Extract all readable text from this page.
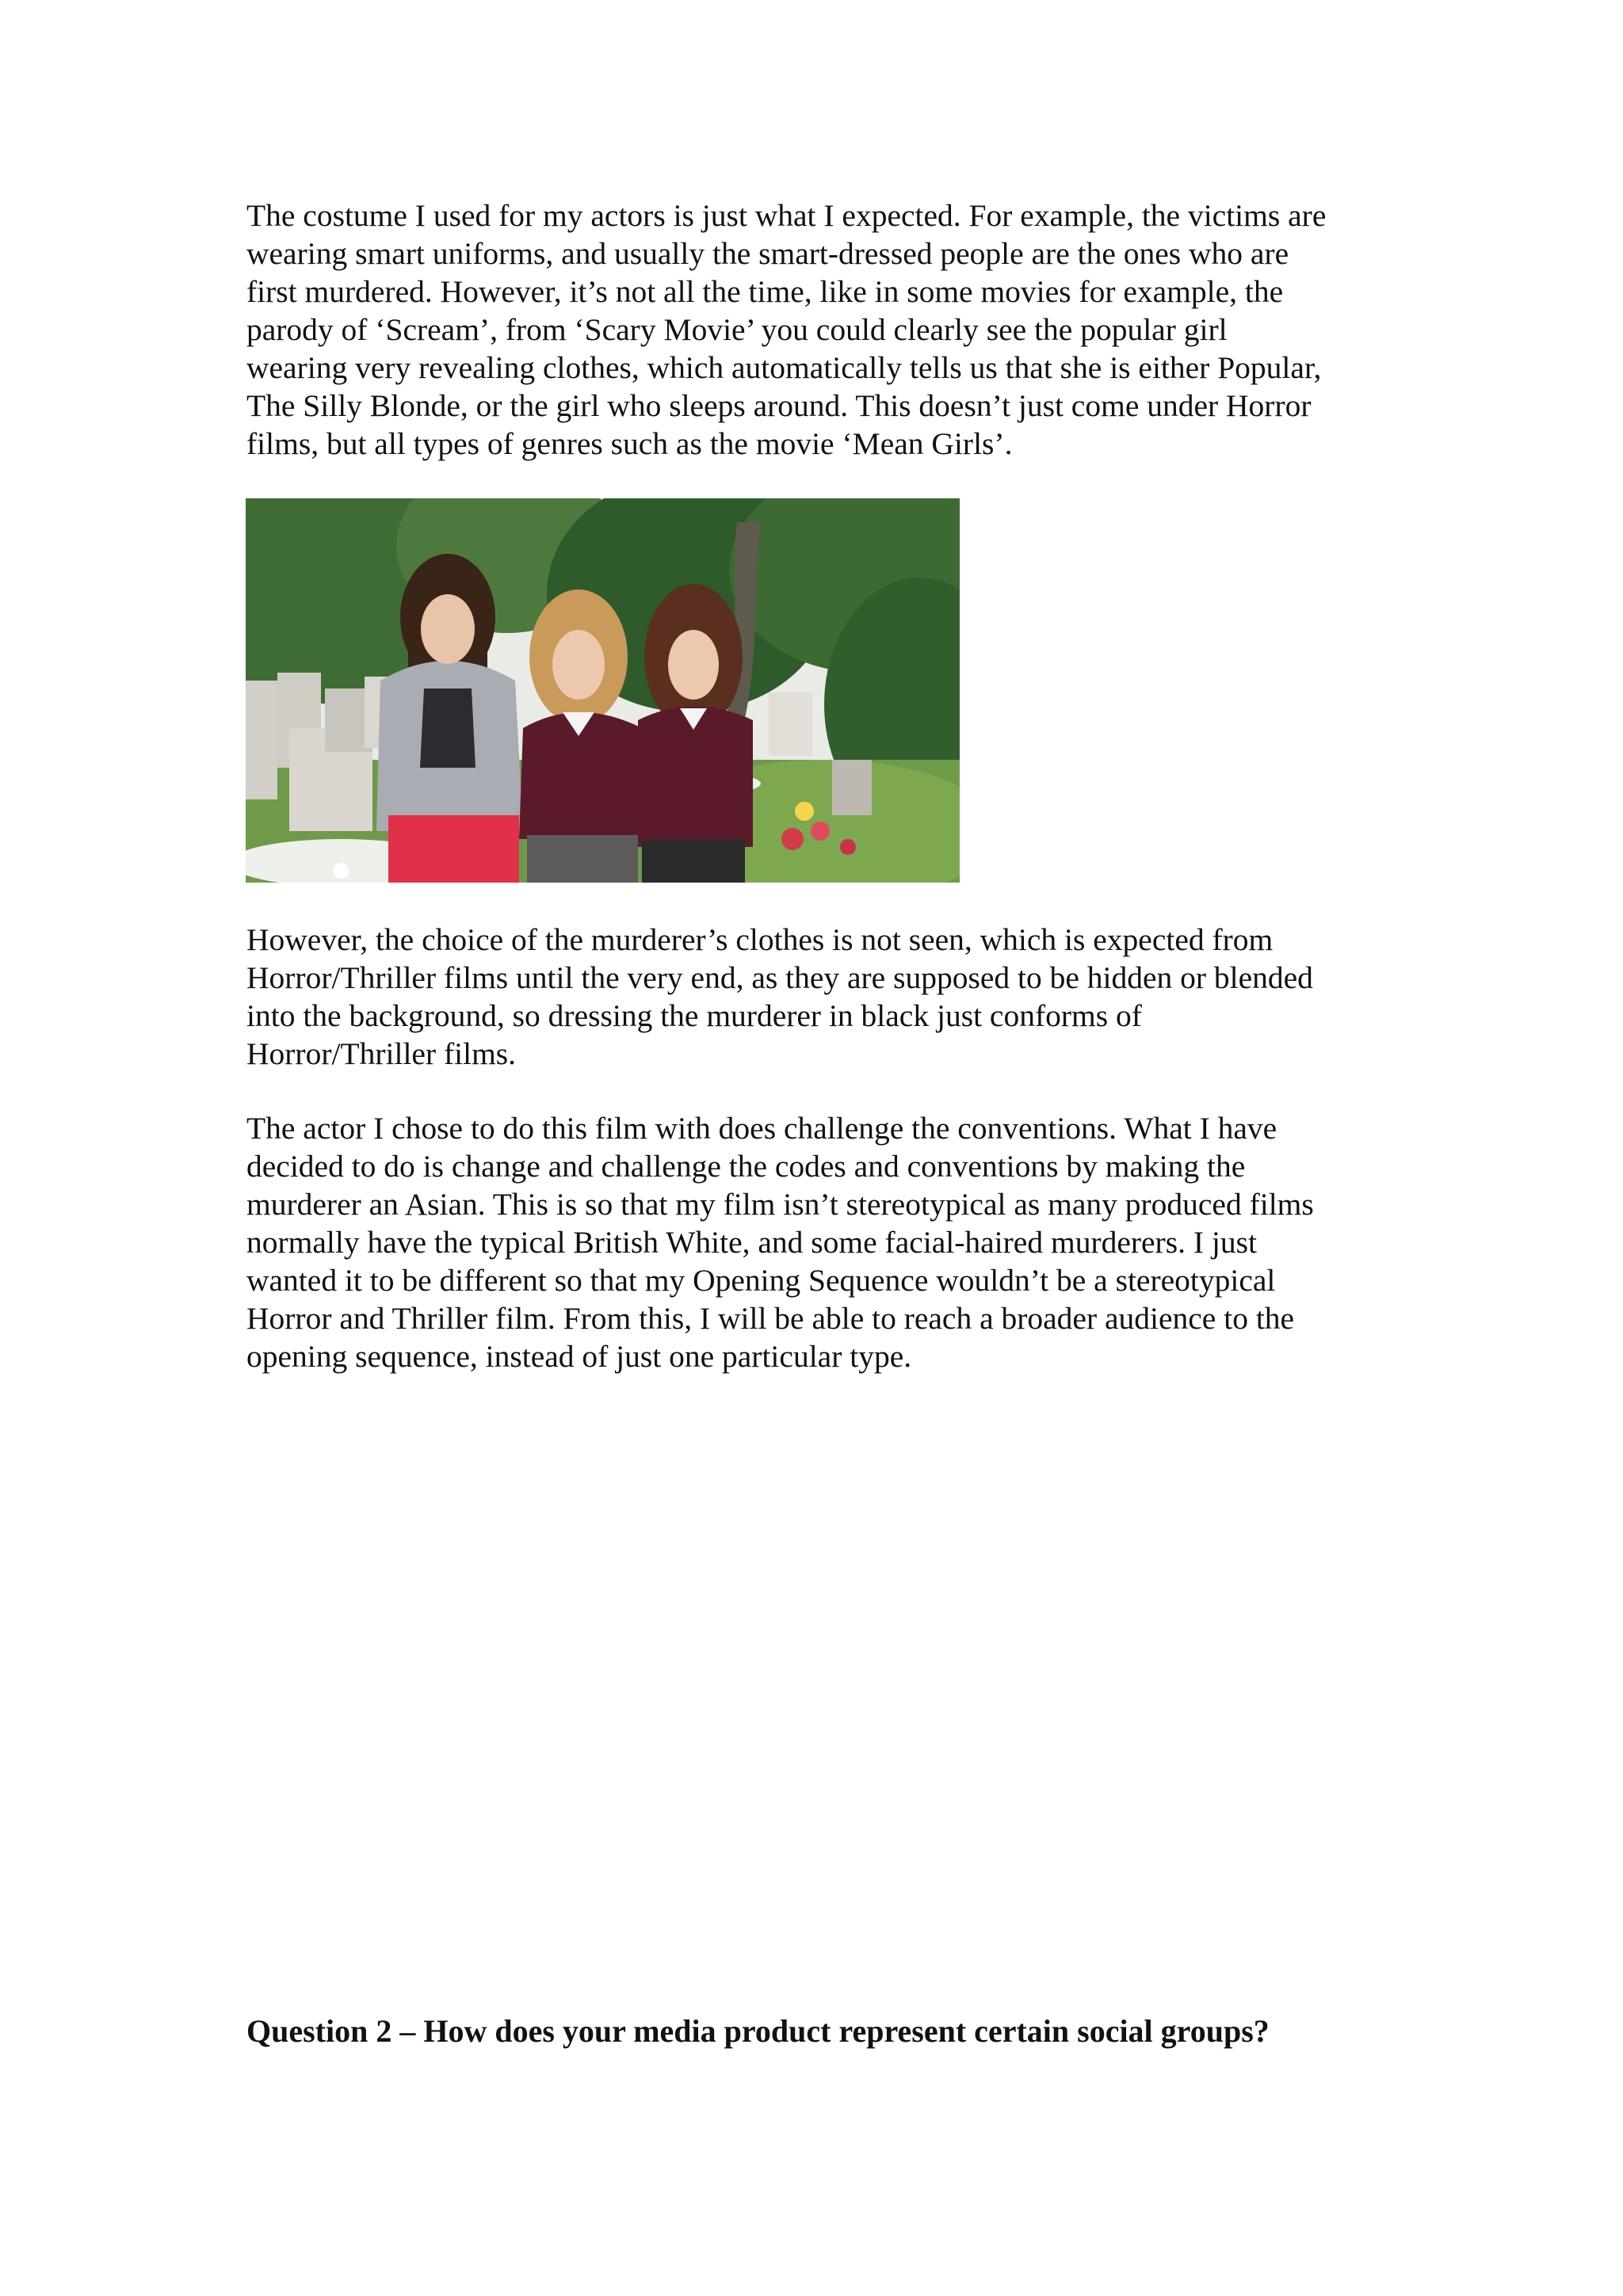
The costume I used for my actors is just what I expected. For example, the victims are
wearing smart uniforms, and usually the smart-dressed people are the ones who are
first murdered. However, it’s not all the time, like in some movies for example, the
parody of ‘Scream’, from ‘Scary Movie’ you could clearly see the popular girl
wearing very revealing clothes, which automatically tells us that she is either Popular,
The Silly Blonde, or the girl who sleeps around. This doesn’t just come under Horror
films, but all types of genres such as the movie ‘Mean Girls’.
However, the choice of the murderer’s clothes is not seen, which is expected from
Horror/Thriller films until the very end, as they are supposed to be hidden or blended
into the background, so dressing the murderer in black just conforms of
Horror/Thriller films.
The actor I chose to do this film with does challenge the conventions. What I have
decided to do is change and challenge the codes and conventions by making the
murderer an Asian. This is so that my film isn’t stereotypical as many produced films
normally have the typical British White, and some facial-haired murderers. I just
wanted it to be different so that my Opening Sequence wouldn’t be a stereotypical
Horror and Thriller film. From this, I will be able to reach a broader audience to the
opening sequence, instead of just one particular type.
Question 2 – How does your media product represent certain social groups?
